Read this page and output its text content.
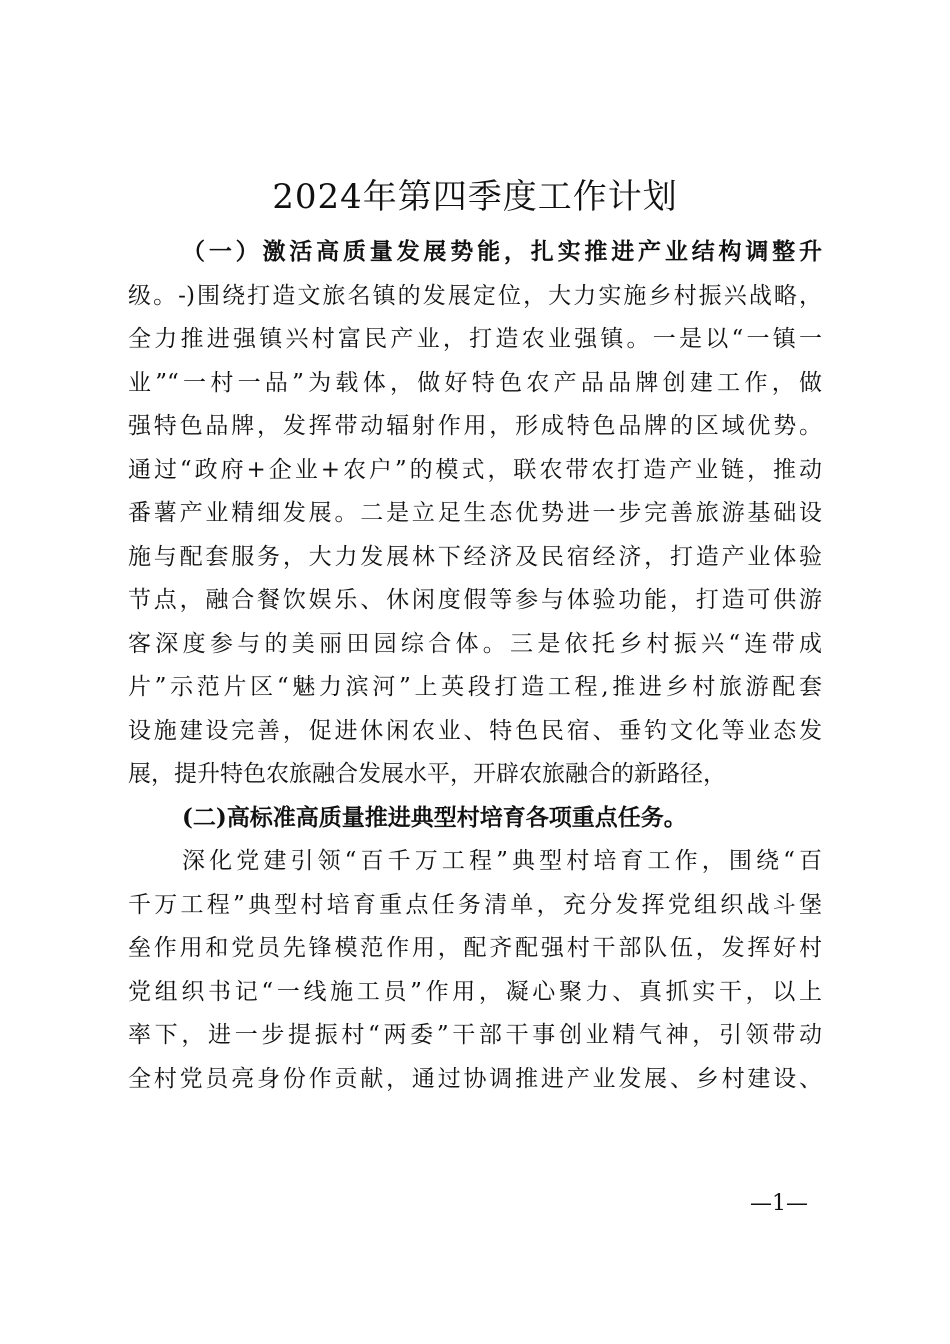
2024年第四季度工作计划

（一）激活高质量发展势能，扎实推进产业结构调整升

级。-)围绕打造文旅名镇的发展定位，大力实施乡村振兴战略，

全力推进强镇兴村富民产业，打造农业强镇。一是以“一镇一

业”“一村一品”为载体，做好特色农产品品牌创建工作，做

强特色品牌，发挥带动辐射作用，形成特色品牌的区域优势。

通过“政府+企业+农户”的模式，联农带农打造产业链，推动

番薯产业精细发展。二是立足生态优势进一步完善旅游基础设

施与配套服务，大力发展林下经济及民宿经济，打造产业体验

节点，融合餐饮娱乐、休闲度假等参与体验功能，打造可供游

客深度参与的美丽田园综合体。三是依托乡村振兴“连带成

片”示范片区“魅力滨河”上英段打造工程,推进乡村旅游配套

设施建设完善，促进休闲农业、特色民宿、垂钓文化等业态发

展，提升特色农旅融合发展水平，开辟农旅融合的新路径，

(二)高标准高质量推进典型村培育各项重点任务。

深化党建引领“百千万工程”典型村培育工作，围绕“百

千万工程”典型村培育重点任务清单，充分发挥党组织战斗堡

垒作用和党员先锋模范作用，配齐配强村干部队伍，发挥好村

党组织书记“一线施工员”作用，凝心聚力、真抓实干，以上

率下，进一步提振村“两委”干部干事创业精气神，引领带动

全村党员亮身份作贡献，通过协调推进产业发展、乡村建设、

—1—
